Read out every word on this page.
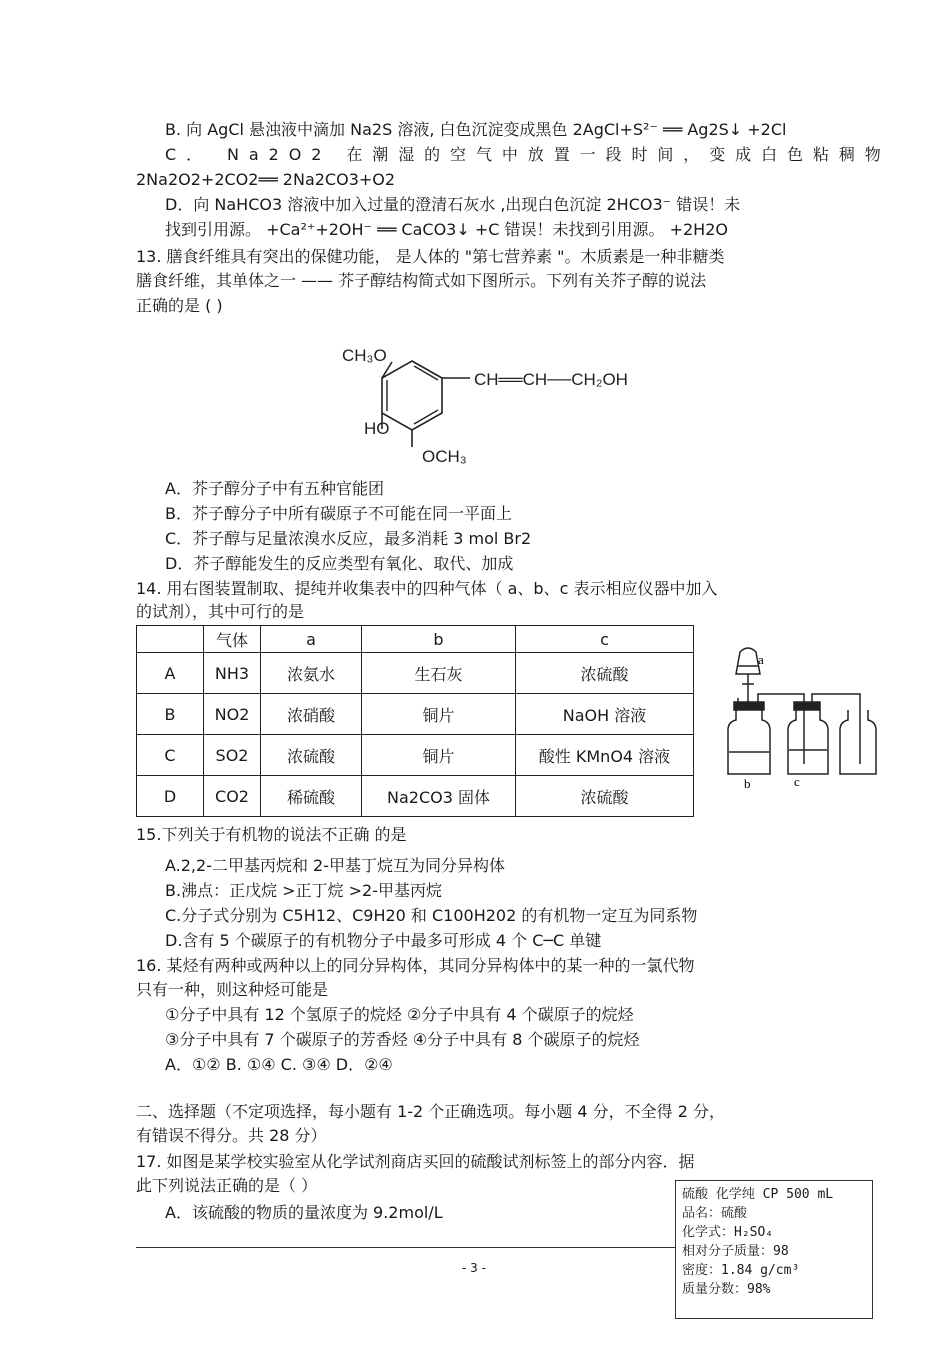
B. 向 AgCl 悬浊液中滴加 Na2S 溶液, 白色沉淀变成黑色 2AgCl+S²⁻ ══ Ag2S↓ +2Cl
C． Na2O2 在潮湿的空气中放置一段时间，变成白色粘稠物
2Na2O2+2CO2══ 2Na2CO3+O2
D．向 NaHCO3 溶液中加入过量的澄清石灰水 ,出现白色沉淀 2HCO3⁻ 错误！未
找到引用源。 +Ca²⁺+2OH⁻ ══ CaCO3↓ +C 错误！未找到引用源。 +2H2O
13. 膳食纤维具有突出的保健功能， 是人体的 "第七营养素 "。木质素是一种非糖类
膳食纤维，其单体之一 —— 芥子醇结构简式如下图所示。下列有关芥子醇的说法
正确的是 ( )
CH₃O
HO
OCH₃
CH══CH──CH₂OH
A．芥子醇分子中有五种官能团
B．芥子醇分子中所有碳原子不可能在同一平面上
C．芥子醇与足量浓溴水反应，最多消耗 3 mol Br2
D．芥子醇能发生的反应类型有氧化、取代、加成
14. 用右图装置制取、提纯并收集表中的四种气体（ a、b、c 表示相应仪器中加入
的试剂），其中可行的是
	气体	a	b	c
A	NH3	浓氨水	生石灰	浓硫酸
B	NO2	浓硝酸	铜片	NaOH 溶液
C	SO2	浓硫酸	铜片	酸性 KMnO4 溶液
D	CO2	稀硫酸	Na2CO3 固体	浓硫酸
a
b	c
15.下列关于有机物的说法不正确 的是
A.2,2-二甲基丙烷和 2-甲基丁烷互为同分异构体
B.沸点：正戊烷 >正丁烷 >2-甲基丙烷
C.分子式分别为 C5H12、C9H20 和 C100H202 的有机物一定互为同系物
D.含有 5 个碳原子的有机物分子中最多可形成 4 个 C─C 单键
16. 某烃有两种或两种以上的同分异构体，其同分异构体中的某一种的一氯代物
只有一种，则这种烃可能是
①分子中具有 12 个氢原子的烷烃 ②分子中具有 4 个碳原子的烷烃
③分子中具有 7 个碳原子的芳香烃 ④分子中具有 8 个碳原子的烷烃
A．①② B. ①④ C. ③④ D．②④
二、选择题（不定项选择，每小题有 1-2 个正确选项。每小题 4 分，不全得 2 分，
有错误不得分。共 28 分）
17. 如图是某学校实验室从化学试剂商店买回的硫酸试剂标签上的部分内容．据
此下列说法正确的是（ ）
A．该硫酸的物质的量浓度为 9.2mol/L
硫酸 化学纯 CP 500 mL
品名：硫酸
化学式：H₂SO₄
相对分子质量：98
密度：1.84 g/cm³
质量分数：98%
- 3 -
